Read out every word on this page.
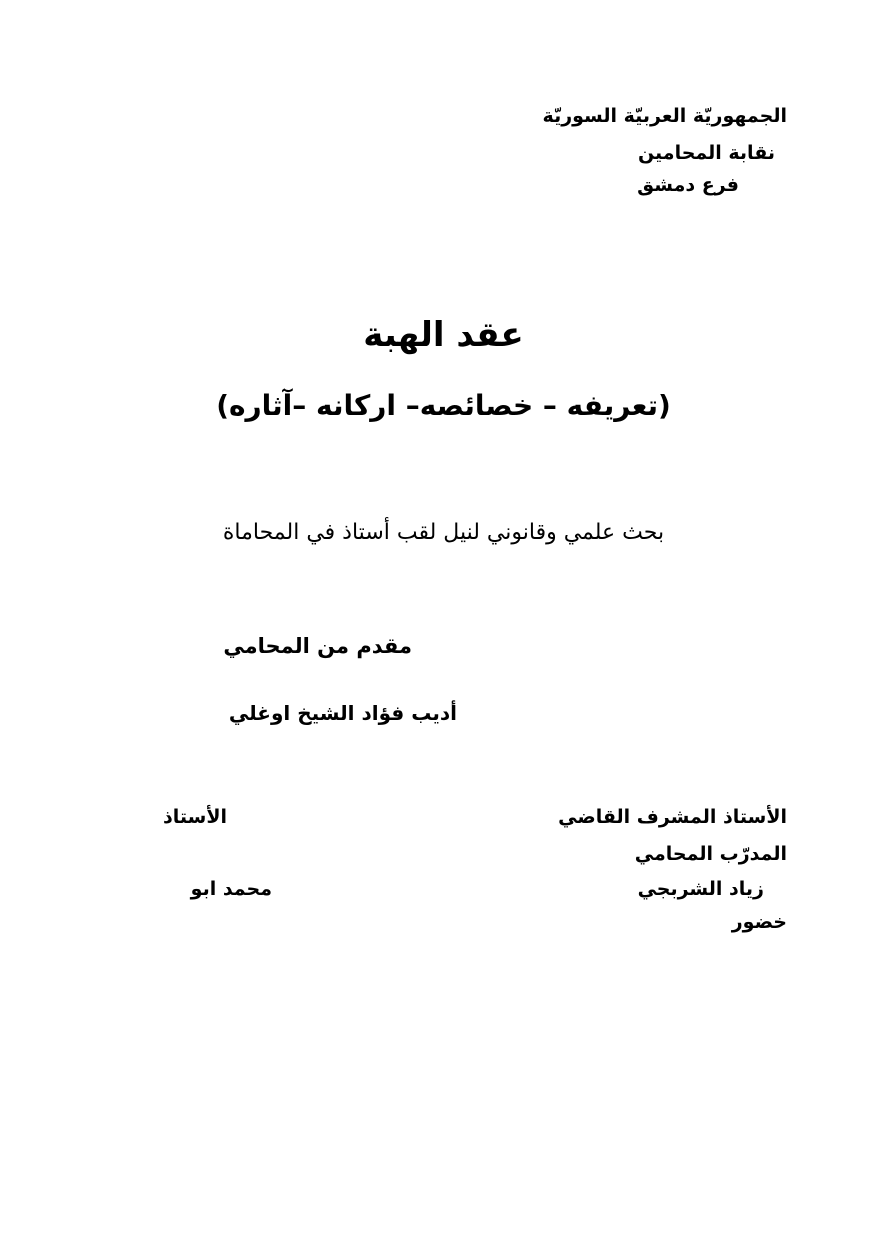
الجمهوريّة العربيّة السوريّة
نقابة المحامين
فرع دمشق
عقد الهبة
(تعريفه – خصائصه– اركانه –آثاره)
بحث علمي وقانوني لنيل لقب أستاذ في المحاماة
مقدم من المحامي
أديب فؤاد الشيخ اوغلي
الأستاذ المشرف القاضي
الأستاذ
المدرّب المحامي
زياد الشربجي
محمد ابو
خضور
